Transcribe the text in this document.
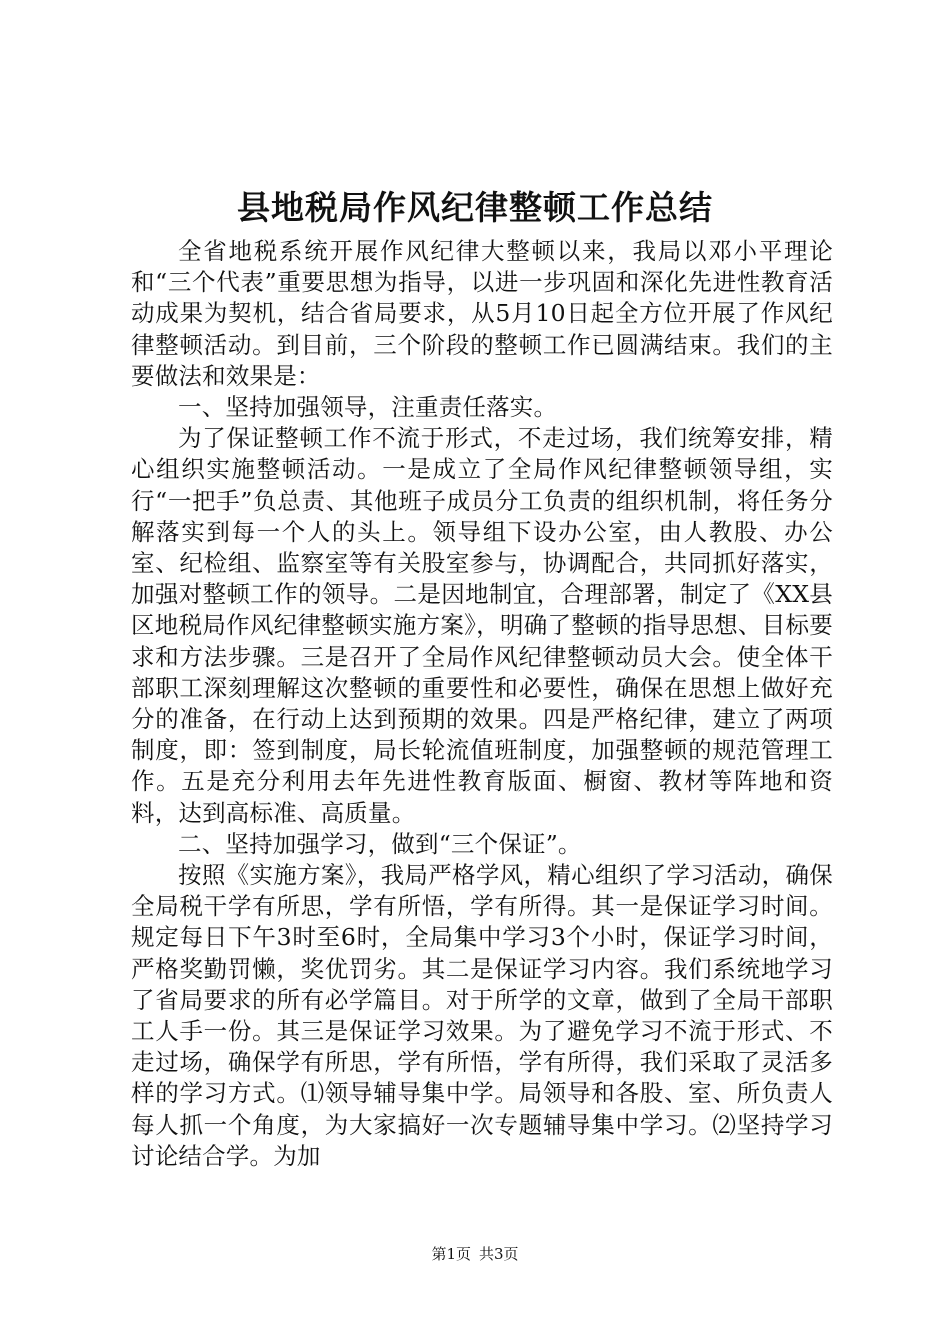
县地税局作风纪律整顿工作总结

全省地税系统开展作风纪律大整顿以来，我局以邓小平理论和“三个代表”重要思想为指导，以进一步巩固和深化先进性教育活动成果为契机，结合省局要求，从5月10日起全方位开展了作风纪律整顿活动。到目前，三个阶段的整顿工作已圆满结束。我们的主要做法和效果是：

一、坚持加强领导，注重责任落实。

为了保证整顿工作不流于形式，不走过场，我们统筹安排，精心组织实施整顿活动。一是成立了全局作风纪律整顿领导组，实行“一把手”负总责、其他班子成员分工负责的组织机制，将任务分解落实到每一个人的头上。领导组下设办公室，由人教股、办公室、纪检组、监察室等有关股室参与，协调配合，共同抓好落实，加强对整顿工作的领导。二是因地制宜，合理部署，制定了《XX县区地税局作风纪律整顿实施方案》，明确了整顿的指导思想、目标要求和方法步骤。三是召开了全局作风纪律整顿动员大会。使全体干部职工深刻理解这次整顿的重要性和必要性，确保在思想上做好充分的准备，在行动上达到预期的效果。四是严格纪律，建立了两项制度，即：签到制度，局长轮流值班制度，加强整顿的规范管理工作。五是充分利用去年先进性教育版面、橱窗、教材等阵地和资料，达到高标准、高质量。

二、坚持加强学习，做到“三个保证”。

按照《实施方案》，我局严格学风，精心组织了学习活动，确保全局税干学有所思，学有所悟，学有所得。其一是保证学习时间。规定每日下午3时至6时，全局集中学习3个小时，保证学习时间，严格奖勤罚懒，奖优罚劣。其二是保证学习内容。我们系统地学习了省局要求的所有必学篇目。对于所学的文章，做到了全局干部职工人手一份。其三是保证学习效果。为了避免学习不流于形式、不走过场，确保学有所思，学有所悟，学有所得，我们采取了灵活多样的学习方式。⑴领导辅导集中学。局领导和各股、室、所负责人每人抓一个角度，为大家搞好一次专题辅导集中学习。⑵坚持学习讨论结合学。为加

第1页 共3页
